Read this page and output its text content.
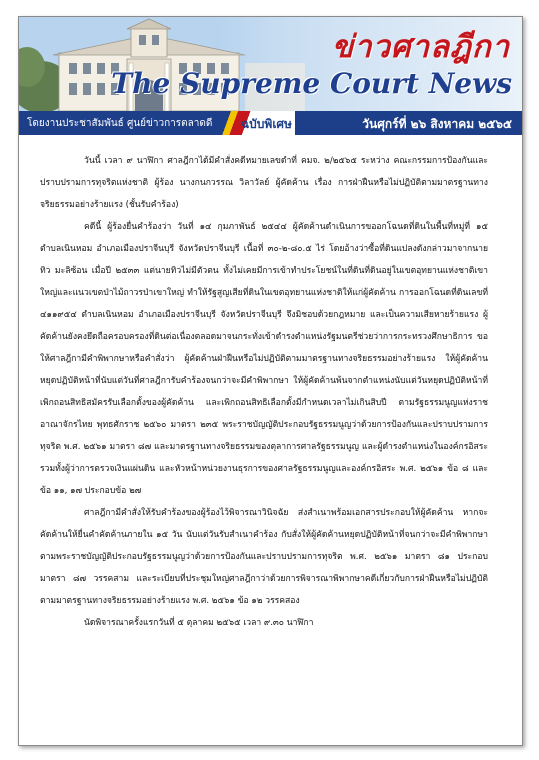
ข่าวศาลฎีกา
The Supreme Court News
โดยงานประชาสัมพันธ์ ศูนย์ข่าวการตลาดดี ฉบับพิเศษ	วันศุกร์ที่ ๒๖ สิงหาคม ๒๕๖๕

วันนี้ เวลา ๙ นาฬิกา ศาลฎีกาได้มีคำสั่งคดีหมายเลขดำที่ คมจ. ๒/๒๕๖๕ ระหว่าง คณะกรรมการป้องกันและปราบปรามการทุจริตแห่งชาติ ผู้ร้อง นางกนกวรรณ วิลาวัลย์ ผู้คัดค้าน เรื่อง การฝ่าฝืนหรือไม่ปฏิบัติตามมาตรฐานทางจริยธรรมอย่างร้ายแรง (ชั้นรับคำร้อง)

คดีนี้ ผู้ร้องยื่นคำร้องว่า วันที่ ๑๔ กุมภาพันธ์ ๒๕๔๔ ผู้คัดค้านดำเนินการขออกโฉนดที่ดินในพื้นที่หมู่ที่ ๑๕ ตำบลเนินหอม อำเภอเมืองปราจีนบุรี จังหวัดปราจีนบุรี เนื้อที่ ๓๐-๒-๘๐.๕ ไร่ โดยอ้างว่าซื้อที่ดินแปลงดังกล่าวมาจากนายทิว มะลิซ้อน เมื่อปี ๒๕๓๓ แต่นายทิวไม่มีตัวตน ทั้งไม่เคยมีการเข้าทำประโยชน์ในที่ดินที่ดินอยู่ในเขตอุทยานแห่งชาติเขาใหญ่และแนวเขตป่าไม้ถาวรป่าเขาใหญ่ ทำให้รัฐสูญเสียที่ดินในเขตอุทยานแห่งชาติให้แก่ผู้คัดค้าน การออกโฉนดที่ดินเลขที่ ๔๑๑๙๕๔ ตำบลเนินหอม อำเภอเมืองปราจีนบุรี จังหวัดปราจีนบุรี จึงมิชอบด้วยกฎหมาย และเป็นความเสียหายร้ายแรง ผู้คัดค้านยังคงยึดถือครอบครองที่ดินต่อเนื่องตลอดมาจนกระทั่งเข้าดำรงตำแหน่งรัฐมนตรีช่วยว่าการกระทรวงศึกษาธิการ ขอให้ศาลฎีกามีคำพิพากษาหรือคำสั่งว่า ผู้คัดค้านฝ่าฝืนหรือไม่ปฏิบัติตามมาตรฐานทางจริยธรรมอย่างร้ายแรง ให้ผู้คัดค้านหยุดปฏิบัติหน้าที่นับแต่วันที่ศาลฎีการับคำร้องจนกว่าจะมีคำพิพากษา ให้ผู้คัดค้านพ้นจากตำแหน่งนับแต่วันหยุดปฏิบัติหน้าที่ เพิกถอนสิทธิสมัครรับเลือกตั้งของผู้คัดค้าน และเพิกถอนสิทธิเลือกตั้งมีกำหนดเวลาไม่เกินสิบปี ตามรัฐธรรมนูญแห่งราชอาณาจักรไทย พุทธศักราช ๒๕๖๐ มาตรา ๒๓๕ พระราชบัญญัติประกอบรัฐธรรมนูญว่าด้วยการป้องกันและปราบปรามการทุจริต พ.ศ. ๒๕๖๑ มาตรา ๘๗ และมาตรฐานทางจริยธรรมของตุลาการศาลรัฐธรรมนูญ และผู้ดำรงตำแหน่งในองค์กรอิสระ รวมทั้งผู้ว่าการตรวจเงินแผ่นดิน และหัวหน้าหน่วยงานธุรการของศาลรัฐธรรมนูญและองค์กรอิสระ พ.ศ. ๒๕๖๑ ข้อ ๘ และข้อ ๑๑, ๑๗ ประกอบข้อ ๒๗

ศาลฎีกามีคำสั่งให้รับคำร้องของผู้ร้องไว้พิจารณาวินิจฉัย ส่งสำเนาพร้อมเอกสารประกอบให้ผู้คัดค้าน หากจะคัดค้านให้ยื่นคำคัดค้านภายใน ๑๕ วัน นับแต่วันรับสำเนาคำร้อง กับสั่งให้ผู้คัดค้านหยุดปฏิบัติหน้าที่จนกว่าจะมีคำพิพากษา ตามพระราชบัญญัติประกอบรัฐธรรมนูญว่าด้วยการป้องกันและปราบปรามการทุจริต พ.ศ. ๒๕๖๑ มาตรา ๘๑ ประกอบมาตรา ๘๗ วรรคสาม และระเบียบที่ประชุมใหญ่ศาลฎีกาว่าด้วยการพิจารณาพิพากษาคดีเกี่ยวกับการฝ่าฝืนหรือไม่ปฏิบัติตามมาตรฐานทางจริยธรรมอย่างร้ายแรง พ.ศ. ๒๕๖๑ ข้อ ๑๒ วรรคสอง

นัดพิจารณาครั้งแรกวันที่ ๕ ตุลาคม ๒๕๖๕ เวลา ๙.๓๐ นาฬิกา
